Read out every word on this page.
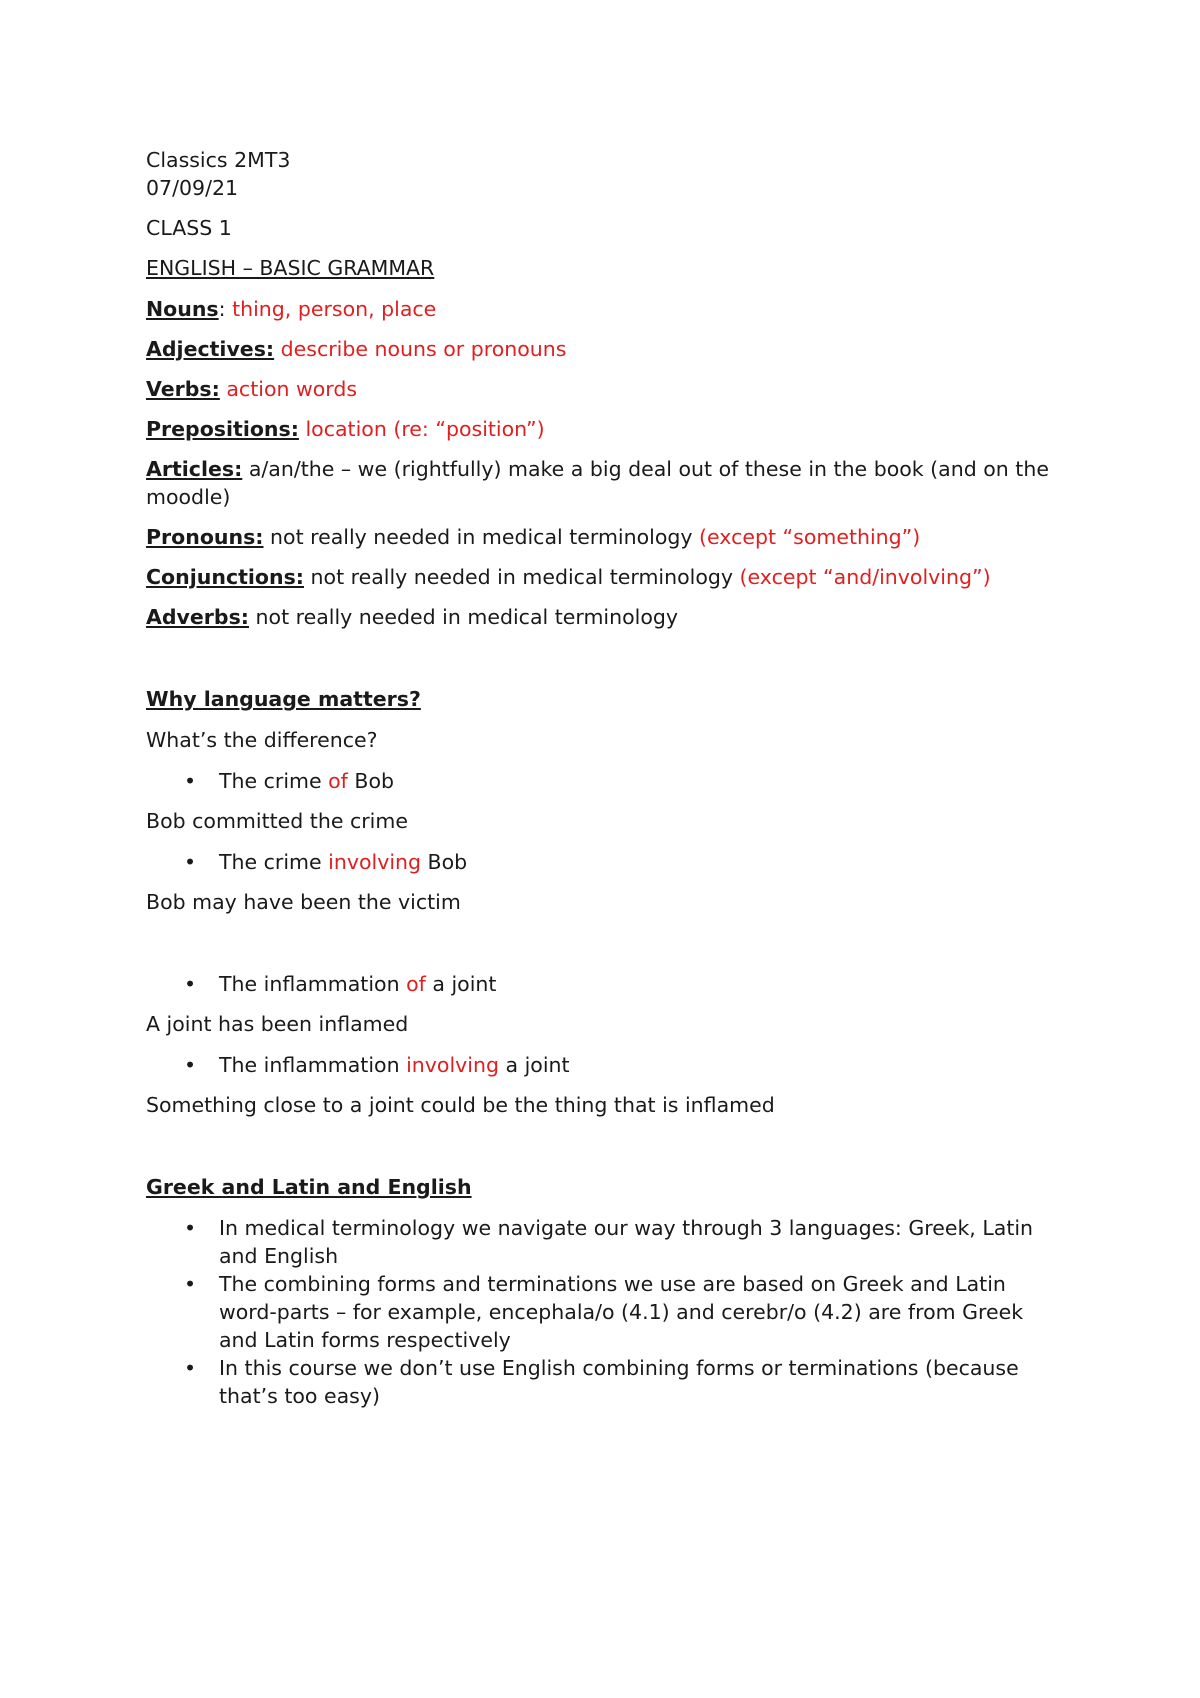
Classics 2MT3

07/09/21

CLASS 1

ENGLISH – BASIC GRAMMAR

Nouns: thing, person, place

Adjectives: describe nouns or pronouns

Verbs: action words

Prepositions: location (re: “position”)

Articles: a/an/the – we (rightfully) make a big deal out of these in the book (and on the moodle)

Pronouns: not really needed in medical terminology (except “something”)

Conjunctions: not really needed in medical terminology (except “and/involving”)

Adverbs: not really needed in medical terminology

Why language matters?

What’s the difference?

• The crime of Bob

Bob committed the crime

• The crime involving Bob

Bob may have been the victim

• The inflammation of a joint

A joint has been inflamed

• The inflammation involving a joint

Something close to a joint could be the thing that is inflamed

Greek and Latin and English

• In medical terminology we navigate our way through 3 languages: Greek, Latin and English
• The combining forms and terminations we use are based on Greek and Latin word-parts – for example, encephala/o (4.1) and cerebr/o (4.2) are from Greek and Latin forms respectively
• In this course we don’t use English combining forms or terminations (because that’s too easy)
